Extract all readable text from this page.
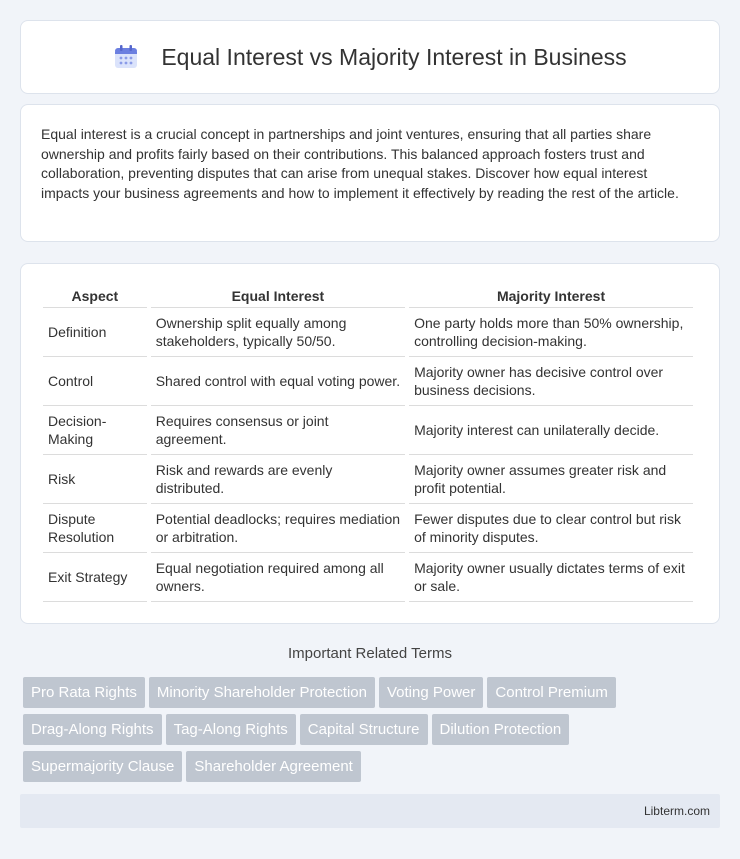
Equal Interest vs Majority Interest in Business

Equal interest is a crucial concept in partnerships and joint ventures, ensuring that all parties share ownership and profits fairly based on their contributions. This balanced approach fosters trust and collaboration, preventing disputes that can arise from unequal stakes. Discover how equal interest impacts your business agreements and how to implement it effectively by reading the rest of the article.

Aspect	Equal Interest	Majority Interest
Definition	Ownership split equally among stakeholders, typically 50/50.	One party holds more than 50% ownership, controlling decision-making.
Control	Shared control with equal voting power.	Majority owner has decisive control over business decisions.
Decision-Making	Requires consensus or joint agreement.	Majority interest can unilaterally decide.
Risk	Risk and rewards are evenly distributed.	Majority owner assumes greater risk and profit potential.
Dispute Resolution	Potential deadlocks; requires mediation or arbitration.	Fewer disputes due to clear control but risk of minority disputes.
Exit Strategy	Equal negotiation required among all owners.	Majority owner usually dictates terms of exit or sale.
Important Related Terms
Pro Rata Rights Minority Shareholder Protection Voting Power Control Premium
Drag-Along Rights Tag-Along Rights Capital Structure Dilution Protection
Supermajority Clause Shareholder Agreement
Libterm.com
